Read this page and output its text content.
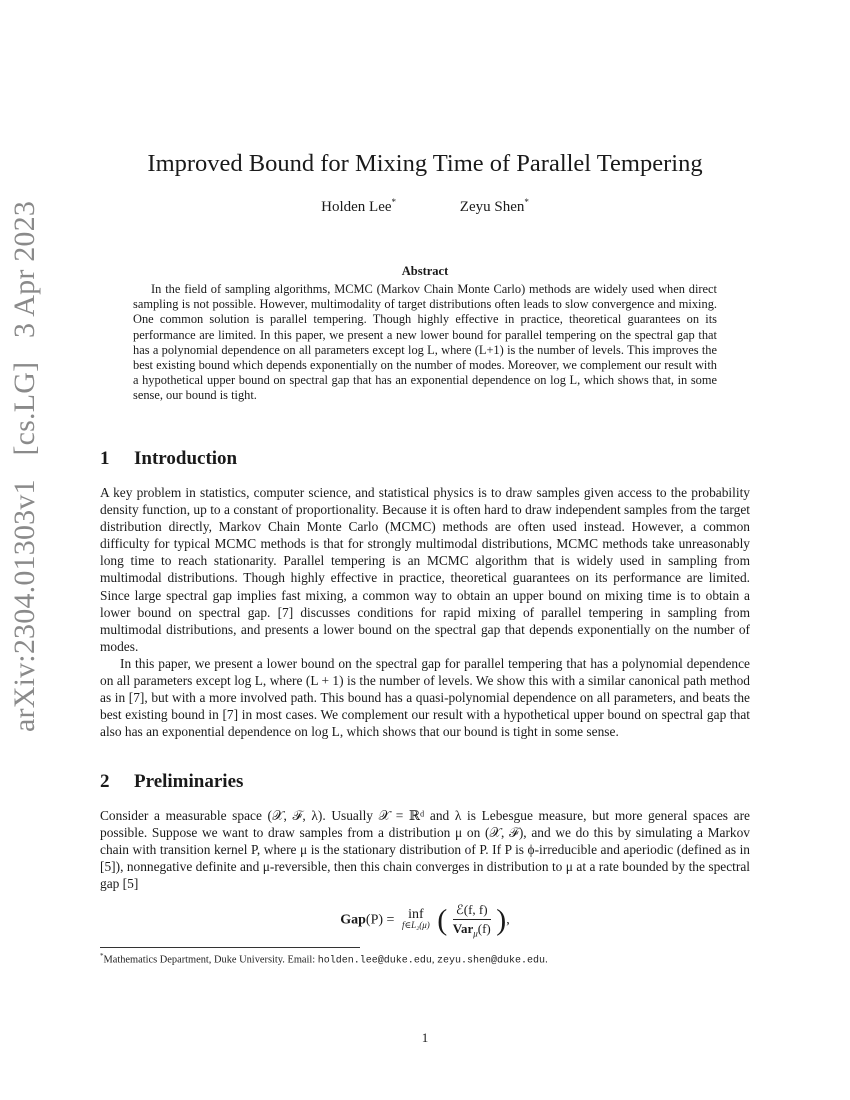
arXiv:2304.01303v1 [cs.LG] 3 Apr 2023
Improved Bound for Mixing Time of Parallel Tempering
Holden Lee*	Zeyu Shen*
Abstract

In the field of sampling algorithms, MCMC (Markov Chain Monte Carlo) methods are widely used when direct sampling is not possible. However, multimodality of target distributions often leads to slow convergence and mixing. One common solution is parallel tempering. Though highly effective in practice, theoretical guarantees on its performance are limited. In this paper, we present a new lower bound for parallel tempering on the spectral gap that has a polynomial dependence on all parameters except log L, where (L+1) is the number of levels. This improves the best existing bound which depends exponentially on the number of modes. Moreover, we complement our result with a hypothetical upper bound on spectral gap that has an exponential dependence on log L, which shows that, in some sense, our bound is tight.

1 Introduction

A key problem in statistics, computer science, and statistical physics is to draw samples given access to the probability density function, up to a constant of proportionality. Because it is often hard to draw independent samples from the target distribution directly, Markov Chain Monte Carlo (MCMC) methods are often used instead. However, a common difficulty for typical MCMC methods is that for strongly multimodal distributions, MCMC methods take unreasonably long time to reach stationarity. Parallel tempering is an MCMC algorithm that is widely used in sampling from multimodal distributions. Though highly effective in practice, theoretical guarantees on its performance are limited. Since large spectral gap implies fast mixing, a common way to obtain an upper bound on mixing time is to obtain a lower bound on spectral gap. [7] discusses conditions for rapid mixing of parallel tempering in sampling from multimodal distributions, and presents a lower bound on the spectral gap that depends exponentially on the number of modes.

In this paper, we present a lower bound on the spectral gap for parallel tempering that has a polynomial dependence on all parameters except log L, where (L + 1) is the number of levels. We show this with a similar canonical path method as in [7], but with a more involved path. This bound has a quasi-polynomial dependence on all parameters, and beats the best existing bound in [7] in most cases. We complement our result with a hypothetical upper bound on spectral gap that also has an exponential dependence on log L, which shows that our bound is tight in some sense.

2 Preliminaries

Consider a measurable space (𝒳, ℱ, λ). Usually 𝒳 = ℝᵈ and λ is Lebesgue measure, but more general spaces are possible. Suppose we want to draw samples from a distribution μ on (𝒳, ℱ), and we do this by simulating a Markov chain with transition kernel P, where μ is the stationary distribution of P. If P is ϕ-irreducible and aperiodic (defined as in [5]), nonnegative definite and μ-reversible, then this chain converges in distribution to μ at a rate bounded by the spectral gap [5]

Gap(P) = inf
f∈L₂(μ) ( $\frac{\text{ℰ(f, f)}}{Var_\mu(f)}$ ),
*Mathematics Department, Duke University. Email: holden.lee@duke.edu, zeyu.shen@duke.edu.
1
